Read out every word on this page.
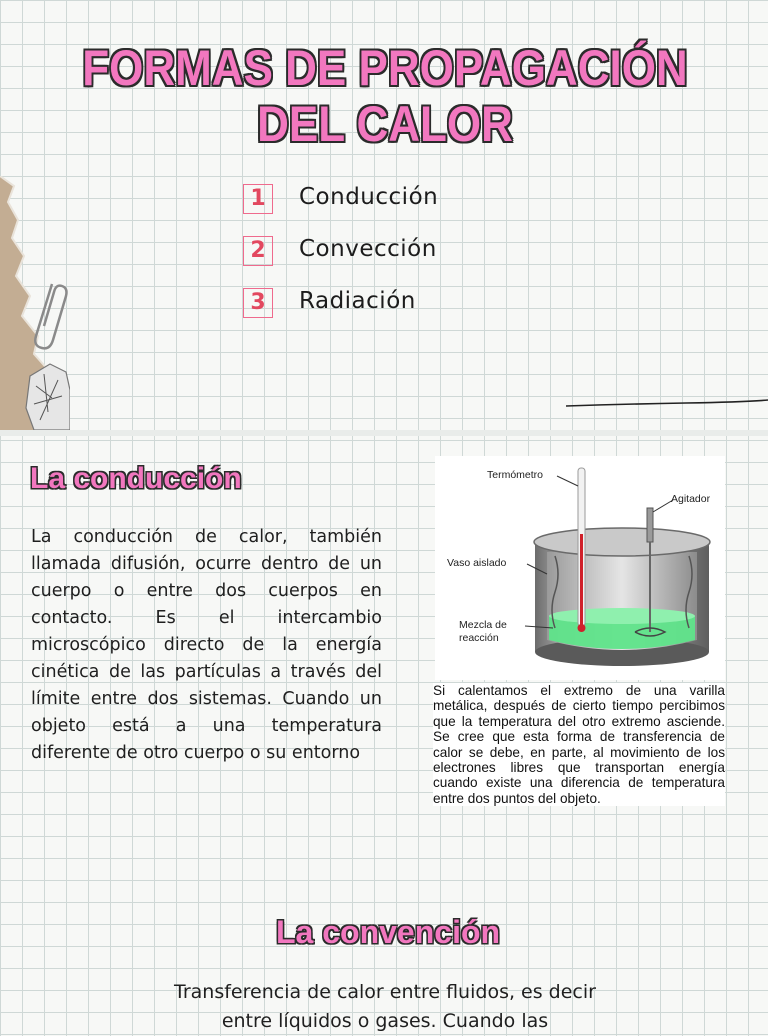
FORMAS DE PROPAGACIÓN DEL CALOR
1	Conducción
2	Convección
3	Radiación
La conducción
La conducción de calor, también llamada difusión, ocurre dentro de un cuerpo o entre dos cuerpos en contacto. Es el intercambio microscópico directo de la energía cinética de las partículas a través del límite entre dos sistemas. Cuando un objeto está a una temperatura diferente de otro cuerpo o su entorno
Termómetro
Agitador
Vaso aislado
Mezcla de
reacción
Si calentamos el extremo de una varilla metálica, después de cierto tiempo percibimos que la temperatura del otro extremo asciende. Se cree que esta forma de transferencia de calor se debe, en parte, al movimiento de los electrones libres que transportan energía cuando existe una diferencia de temperatura entre dos puntos del objeto.
La convención
Transferencia de calor entre fluidos, es decir entre líquidos o gases. Cuando las
